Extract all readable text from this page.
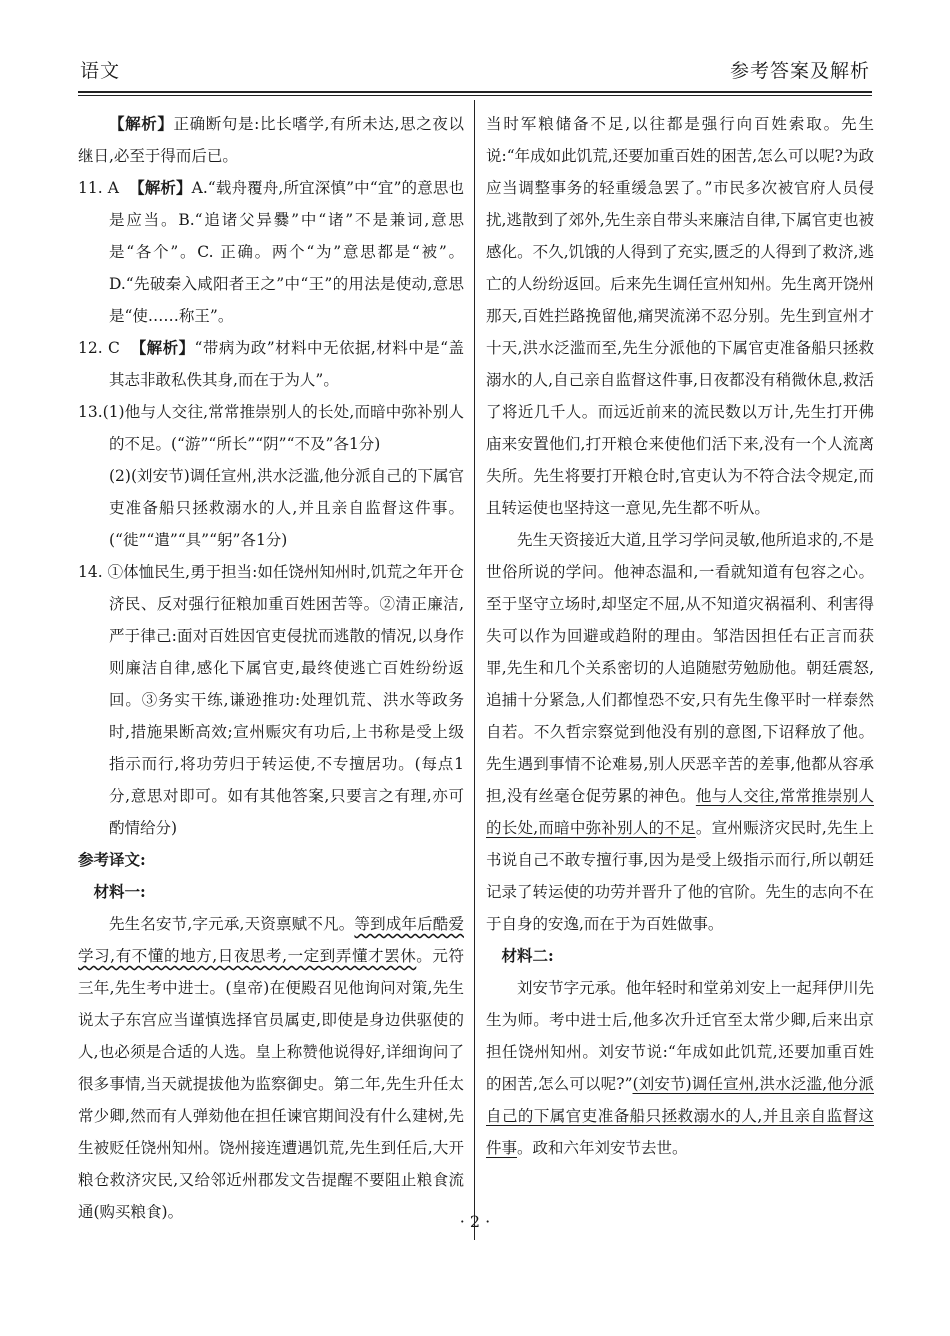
语文	参考答案及解析

【解析】正确断句是:比长嗜学,有所未达,思之夜以继日,必至于得而后已。

11. A 【解析】A.“载舟覆舟,所宜深慎”中“宜”的意思也是应当。B.“追诸父异爨”中“诸”不是兼词,意思是“各个”。C. 正确。两个“为”意思都是“被”。D.“先破秦入咸阳者王之”中“王”的用法是使动,意思是“使……称王”。

12. C 【解析】“带病为政”材料中无依据,材料中是“盖其志非敢私佚其身,而在于为人”。

13.(1)他与人交往,常常推崇别人的长处,而暗中弥补别人的不足。(“游”“所长”“阴”“不及”各1分)

(2)(刘安节)调任宣州,洪水泛滥,他分派自己的下属官吏准备船只拯救溺水的人,并且亲自监督这件事。(“徙”“遣”“具”“躬”各1分)

14. ①体恤民生,勇于担当:如任饶州知州时,饥荒之年开仓济民、反对强行征粮加重百姓困苦等。②清正廉洁,严于律己:面对百姓因官吏侵扰而逃散的情况,以身作则廉洁自律,感化下属官吏,最终使逃亡百姓纷纷返回。③务实干练,谦逊推功:处理饥荒、洪水等政务时,措施果断高效;宣州赈灾有功后,上书称是受上级指示而行,将功劳归于转运使,不专擅居功。(每点1分,意思对即可。如有其他答案,只要言之有理,亦可酌情给分)

参考译文:

材料一:

先生名安节,字元承,天资禀赋不凡。等到成年后酷爱学习,有不懂的地方,日夜思考,一定到弄懂才罢休。元符三年,先生考中进士。(皇帝)在便殿召见他询问对策,先生说太子东宫应当谨慎选择官员属吏,即使是身边供驱使的人,也必须是合适的人选。皇上称赞他说得好,详细询问了很多事情,当天就提拔他为监察御史。第二年,先生升任太常少卿,然而有人弹劾他在担任谏官期间没有什么建树,先生被贬任饶州知州。饶州接连遭遇饥荒,先生到任后,大开粮仓救济灾民,又给邻近州郡发文告提醒不要阻止粮食流通(购买粮食)。

当时军粮储备不足,以往都是强行向百姓索取。先生说:“年成如此饥荒,还要加重百姓的困苦,怎么可以呢?为政应当调整事务的轻重缓急罢了。”市民多次被官府人员侵扰,逃散到了郊外,先生亲自带头来廉洁自律,下属官吏也被感化。不久,饥饿的人得到了充实,匮乏的人得到了救济,逃亡的人纷纷返回。后来先生调任宣州知州。先生离开饶州那天,百姓拦路挽留他,痛哭流涕不忍分别。先生到宣州才十天,洪水泛滥而至,先生分派他的下属官吏准备船只拯救溺水的人,自己亲自监督这件事,日夜都没有稍微休息,救活了将近几千人。而远近前来的流民数以万计,先生打开佛庙来安置他们,打开粮仓来使他们活下来,没有一个人流离失所。先生将要打开粮仓时,官吏认为不符合法令规定,而且转运使也坚持这一意见,先生都不听从。

先生天资接近大道,且学习学问灵敏,他所追求的,不是世俗所说的学问。他神态温和,一看就知道有包容之心。至于坚守立场时,却坚定不屈,从不知道灾祸福利、利害得失可以作为回避或趋附的理由。邹浩因担任右正言而获罪,先生和几个关系密切的人追随慰劳勉励他。朝廷震怒,追捕十分紧急,人们都惶恐不安,只有先生像平时一样泰然自若。不久哲宗察觉到他没有别的意图,下诏释放了他。先生遇到事情不论难易,别人厌恶辛苦的差事,他都从容承担,没有丝毫仓促劳累的神色。他与人交往,常常推崇别人的长处,而暗中弥补别人的不足。宣州赈济灾民时,先生上书说自己不敢专擅行事,因为是受上级指示而行,所以朝廷记录了转运使的功劳并晋升了他的官阶。先生的志向不在于自身的安逸,而在于为百姓做事。

材料二:

刘安节字元承。他年轻时和堂弟刘安上一起拜伊川先生为师。考中进士后,他多次升迁官至太常少卿,后来出京担任饶州知州。刘安节说:“年成如此饥荒,还要加重百姓的困苦,怎么可以呢?”(刘安节)调任宣州,洪水泛滥,他分派自己的下属官吏准备船只拯救溺水的人,并且亲自监督这件事。政和六年刘安节去世。

· 2 ·
